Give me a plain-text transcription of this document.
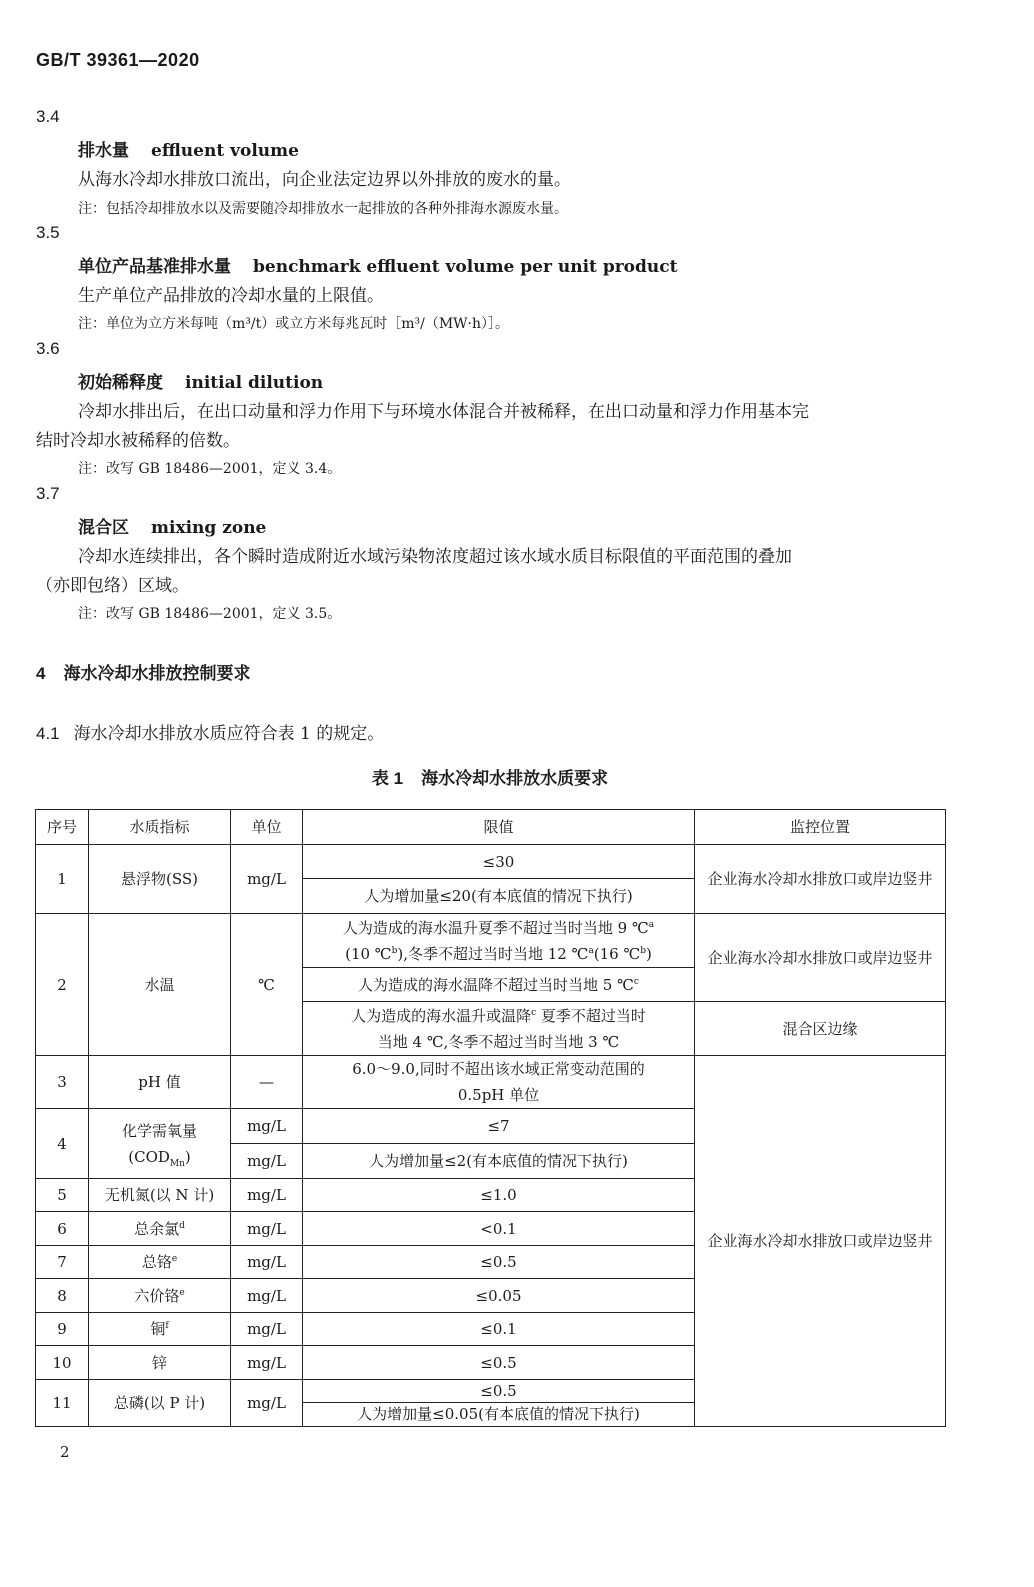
GB/T 39361—2020
3.4
排水量 effluent volume
从海水冷却水排放口流出，向企业法定边界以外排放的废水的量。
注：包括冷却排放水以及需要随冷却排放水一起排放的各种外排海水源废水量。
3.5
单位产品基准排水量 benchmark effluent volume per unit product
生产单位产品排放的冷却水量的上限值。
注：单位为立方米每吨（m³/t）或立方米每兆瓦时［m³/（MW·h）］。
3.6
初始稀释度 initial dilution
冷却水排出后，在出口动量和浮力作用下与环境水体混合并被稀释，在出口动量和浮力作用基本完
结时冷却水被稀释的倍数。
注：改写 GB 18486—2001，定义 3.4。
3.7
混合区 mixing zone
冷却水连续排出，各个瞬时造成附近水域污染物浓度超过该水域水质目标限值的平面范围的叠加
（亦即包络）区域。
注：改写 GB 18486—2001，定义 3.5。
4 海水冷却水排放控制要求
4.1 海水冷却水排放水质应符合表 1 的规定。
表 1 海水冷却水排放水质要求
序号	水质指标	单位	限值	监控位置
1	悬浮物(SS)	mg/L	≤30	企业海水冷却水排放口或岸边竖井
			人为增加量≤20(有本底值的情况下执行)	
2	水温	℃	人为造成的海水温升夏季不超过当时当地 9 ℃$^a$
(10 ℃$^b$),冬季不超过当时当地 12 ℃$^a$(16 ℃$^b$)	企业海水冷却水排放口或岸边竖井
			人为造成的海水温降不超过当时当地 5 ℃$^c$
			人为造成的海水温升或温降$^c$ 夏季不超过当时
当地 4 ℃,冬季不超过当时当地 3 ℃	混合区边缘
3	pH 值	—	6.0～9.0,同时不超出该水域正常变动范围的0.5pH 单位	企业海水冷却水排放口或岸边竖井
4	化学需氧量
$(COD_{Mn})$	mg/L	≤7	
		mg/L	人为增加量≤2(有本底值的情况下执行)	
5	无机氮(以 N 计)	mg/L	≤1.0	
6	总余氯$^d$	mg/L	<0.1	
7	总铬$^e$	mg/L	≤0.5	
8	六价铬$^e$	mg/L	≤0.05	
9	铜$^f$	mg/L	≤0.1	
10	锌	mg/L	≤0.5	
11	总磷(以 P 计)	mg/L	≤0.5	
			人为增加量≤0.05(有本底值的情况下执行)	
2
